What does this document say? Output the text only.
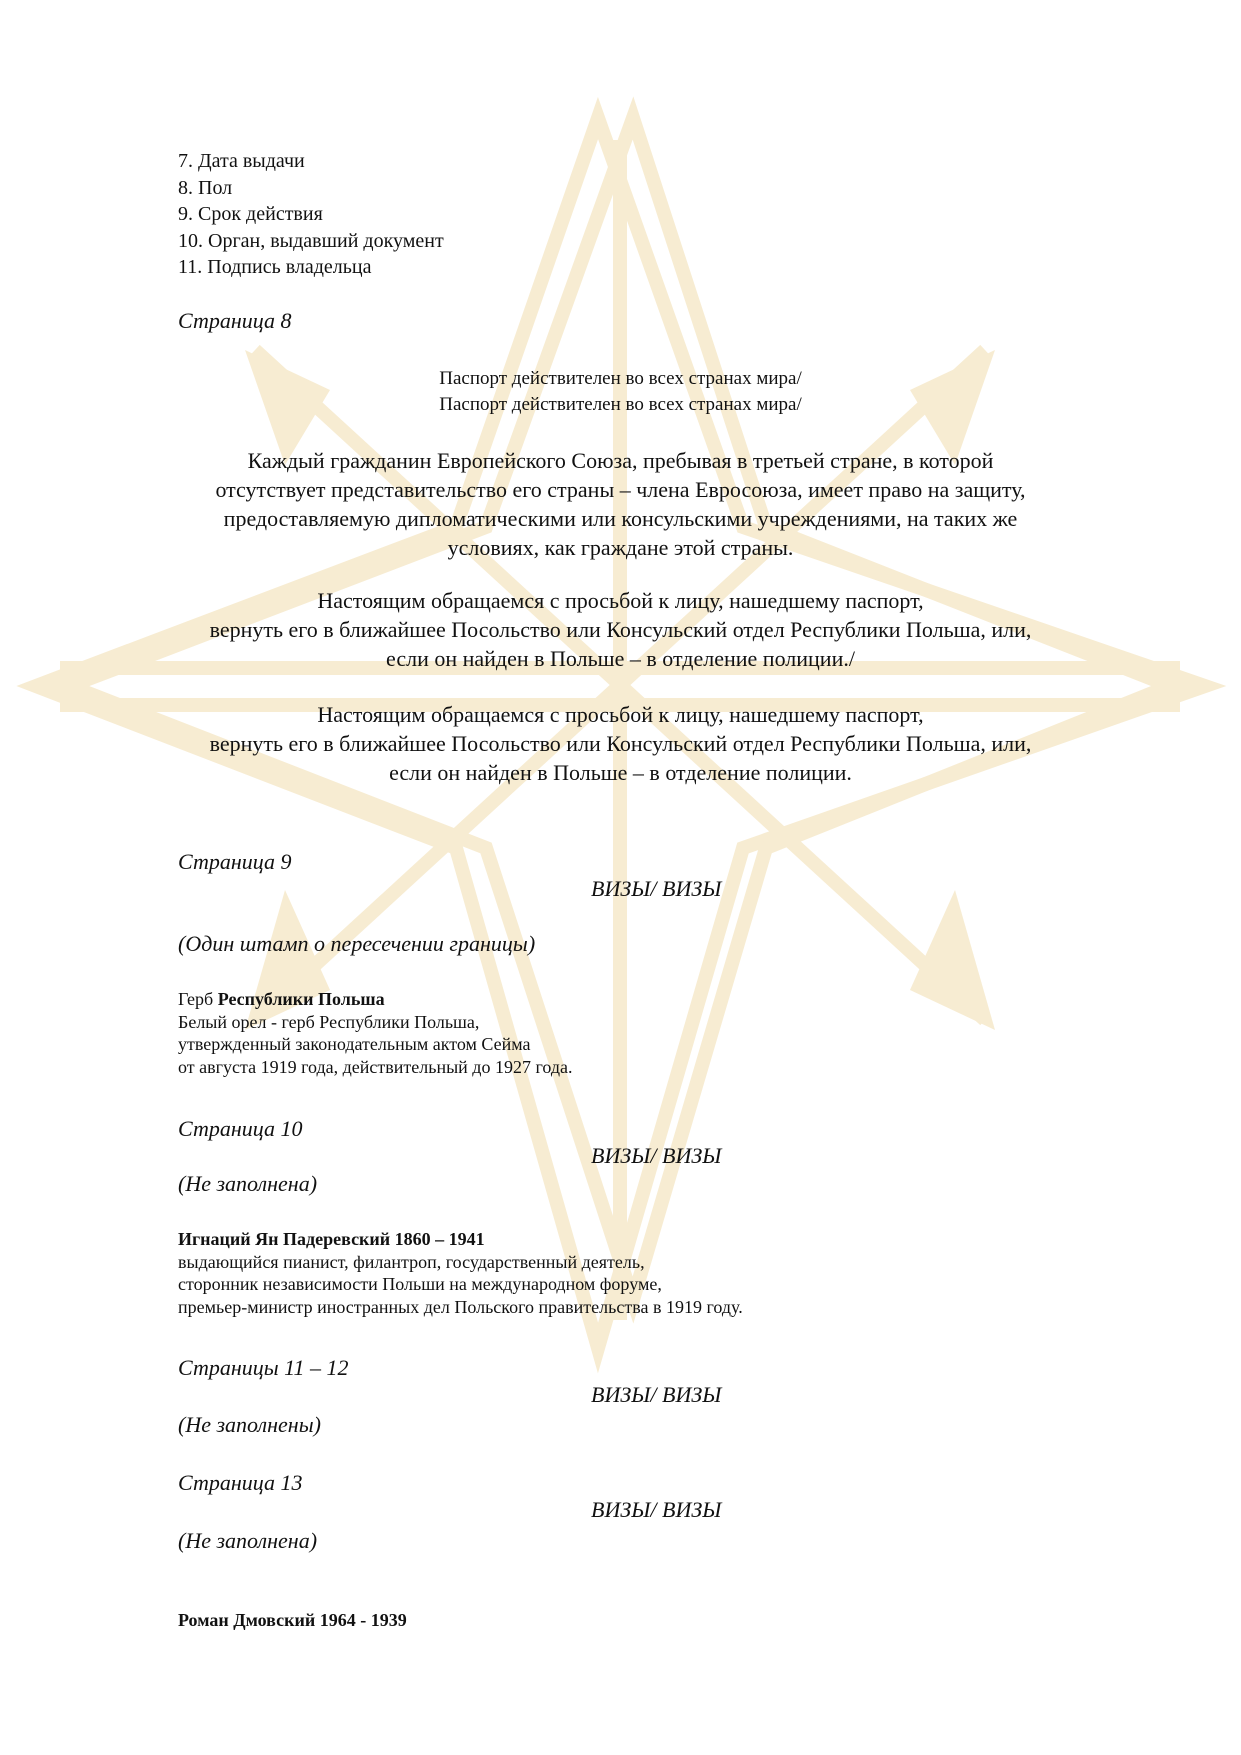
7. Дата выдачи
8. Пол
9. Срок действия
10. Орган, выдавший документ
11. Подпись владельца

Страница 8

Паспорт действителен во всех странах мира/
Паспорт действителен во всех странах мира/
Каждый гражданин Европейского Союза, пребывая в третьей стране, в которой
отсутствует представительство его страны – члена Евросоюза, имеет право на защиту,
предоставляемую дипломатическими или консульскими учреждениями, на таких же
условиях, как граждане этой страны.
Настоящим обращаемся с просьбой к лицу, нашедшему паспорт,
вернуть его в ближайшее Посольство или Консульский отдел Республики Польша, или,
если он найден в Польше – в отделение полиции./
Настоящим обращаемся с просьбой к лицу, нашедшему паспорт,
вернуть его в ближайшее Посольство или Консульский отдел Республики Польша, или,
если он найден в Польше – в отделение полиции.

Страница 9

ВИЗЫ/ ВИЗЫ

(Один штамп о пересечении границы)

Герб Республики Польша
Белый орел - герб Республики Польша,
утвержденный законодательным актом Сейма
от августа 1919 года, действительный до 1927 года.

Страница 10

ВИЗЫ/ ВИЗЫ

(Не заполнена)

Игнаций Ян Падеревский 1860 – 1941
выдающийся пианист, филантроп, государственный деятель,
сторонник независимости Польши на международном форуме,
премьер-министр иностранных дел Польского правительства в 1919 году.

Страницы 11 – 12

ВИЗЫ/ ВИЗЫ

(Не заполнены)

Страница 13

ВИЗЫ/ ВИЗЫ

(Не заполнена)

Роман Дмовский 1964 - 1939
